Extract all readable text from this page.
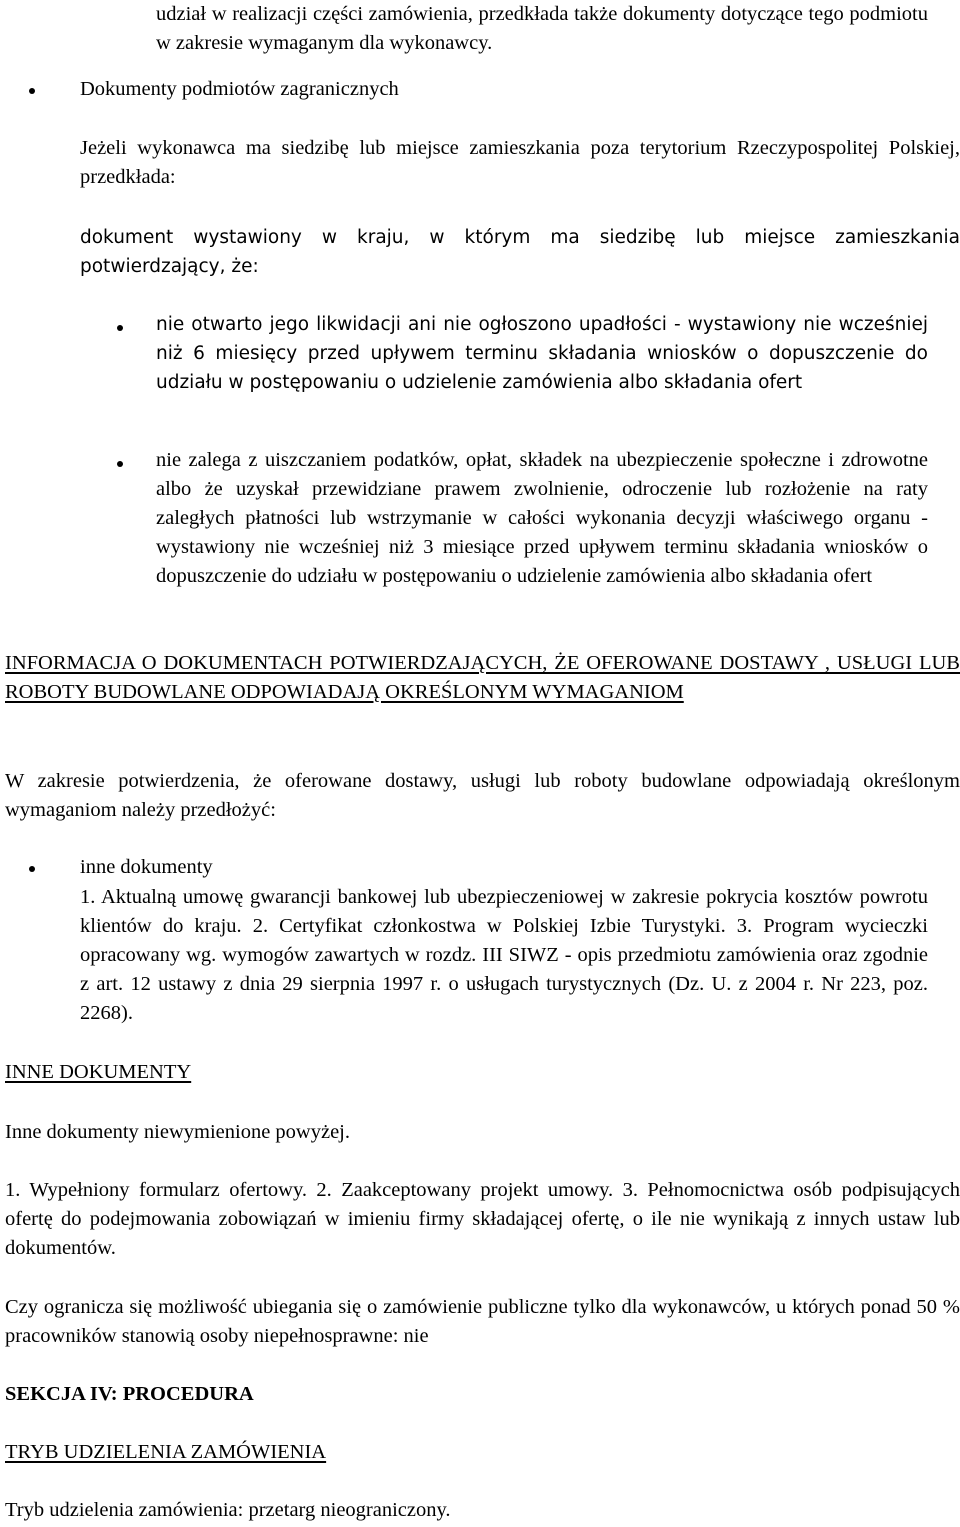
udział w realizacji części zamówienia, przedkłada także dokumenty dotyczące tego podmiotu w zakresie wymaganym dla wykonawcy.

Dokumenty podmiotów zagranicznych

Jeżeli wykonawca ma siedzibę lub miejsce zamieszkania poza terytorium Rzeczypospolitej Polskiej, przedkłada:

dokument wystawiony w kraju, w którym ma siedzibę lub miejsce zamieszkania potwierdzający, że:

nie otwarto jego likwidacji ani nie ogłoszono upadłości - wystawiony nie wcześniej niż 6 miesięcy przed upływem terminu składania wniosków o dopuszczenie do udziału w postępowaniu o udzielenie zamówienia albo składania ofert

nie zalega z uiszczaniem podatków, opłat, składek na ubezpieczenie społeczne i zdrowotne albo że uzyskał przewidziane prawem zwolnienie, odroczenie lub rozłożenie na raty zaległych płatności lub wstrzymanie w całości wykonania decyzji właściwego organu - wystawiony nie wcześniej niż 3 miesiące przed upływem terminu składania wniosków o dopuszczenie do udziału w postępowaniu o udzielenie zamówienia albo składania ofert

INFORMACJA O DOKUMENTACH POTWIERDZAJĄCYCH, ŻE OFEROWANE DOSTAWY , USŁUGI LUB ROBOTY BUDOWLANE ODPOWIADAJĄ OKREŚLONYM WYMAGANIOM

W zakresie potwierdzenia, że oferowane dostawy, usługi lub roboty budowlane odpowiadają określonym wymaganiom należy przedłożyć:

inne dokumenty

1. Aktualną umowę gwarancji bankowej lub ubezpieczeniowej w zakresie pokrycia kosztów powrotu klientów do kraju. 2. Certyfikat członkostwa w Polskiej Izbie Turystyki. 3. Program wycieczki opracowany wg. wymogów zawartych w rozdz. III SIWZ - opis przedmiotu zamówienia oraz zgodnie z art. 12 ustawy z dnia 29 sierpnia 1997 r. o usługach turystycznych (Dz. U. z 2004 r. Nr 223, poz. 2268).

INNE DOKUMENTY

Inne dokumenty niewymienione powyżej.

1. Wypełniony formularz ofertowy. 2. Zaakceptowany projekt umowy. 3. Pełnomocnictwa osób podpisujących ofertę do podejmowania zobowiązań w imieniu firmy składającej ofertę, o ile nie wynikają z innych ustaw lub dokumentów.

Czy ogranicza się możliwość ubiegania się o zamówienie publiczne tylko dla wykonawców, u których ponad 50 % pracowników stanowią osoby niepełnosprawne: nie

SEKCJA IV: PROCEDURA

TRYB UDZIELENIA ZAMÓWIENIA

Tryb udzielenia zamówienia: przetarg nieograniczony.
